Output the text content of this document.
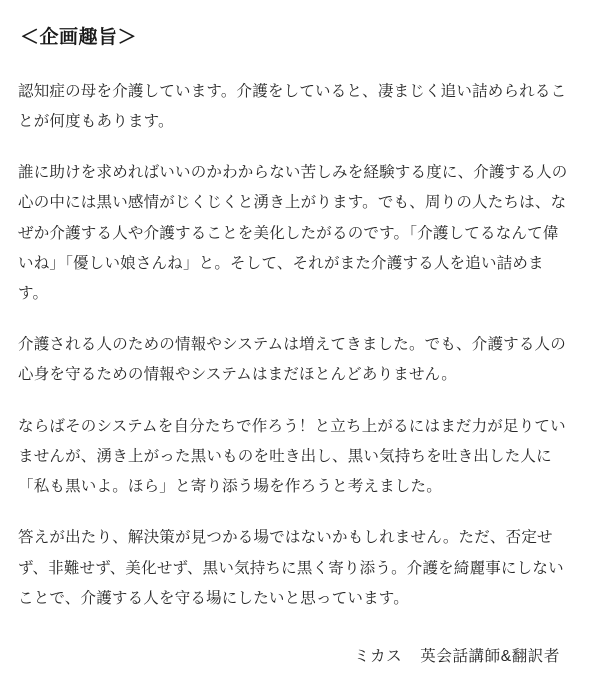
＜企画趣旨＞

認知症の母を介護しています。介護をしていると、凄まじく追い詰められることが何度もあります。

誰に助けを求めればいいのかわからない苦しみを経験する度に、介護する人の心の中には黒い感情がじくじくと湧き上がります。でも、周りの人たちは、なぜか介護する人や介護することを美化したがるのです。「介護してるなんて偉いね」「優しい娘さんね」と。そして、それがまた介護する人を追い詰めます。

介護される人のための情報やシステムは増えてきました。でも、介護する人の心身を守るための情報やシステムはまだほとんどありません。

ならばそのシステムを自分たちで作ろう！と立ち上がるにはまだ力が足りていませんが、湧き上がった黒いものを吐き出し、黒い気持ちを吐き出した人に「私も黒いよ。ほら」と寄り添う場を作ろうと考えました。

答えが出たり、解決策が見つかる場ではないかもしれません。ただ、否定せず、非難せず、美化せず、黒い気持ちに黒く寄り添う。介護を綺麗事にしないことで、介護する人を守る場にしたいと思っています。

ミカス 英会話講師&翻訳者
